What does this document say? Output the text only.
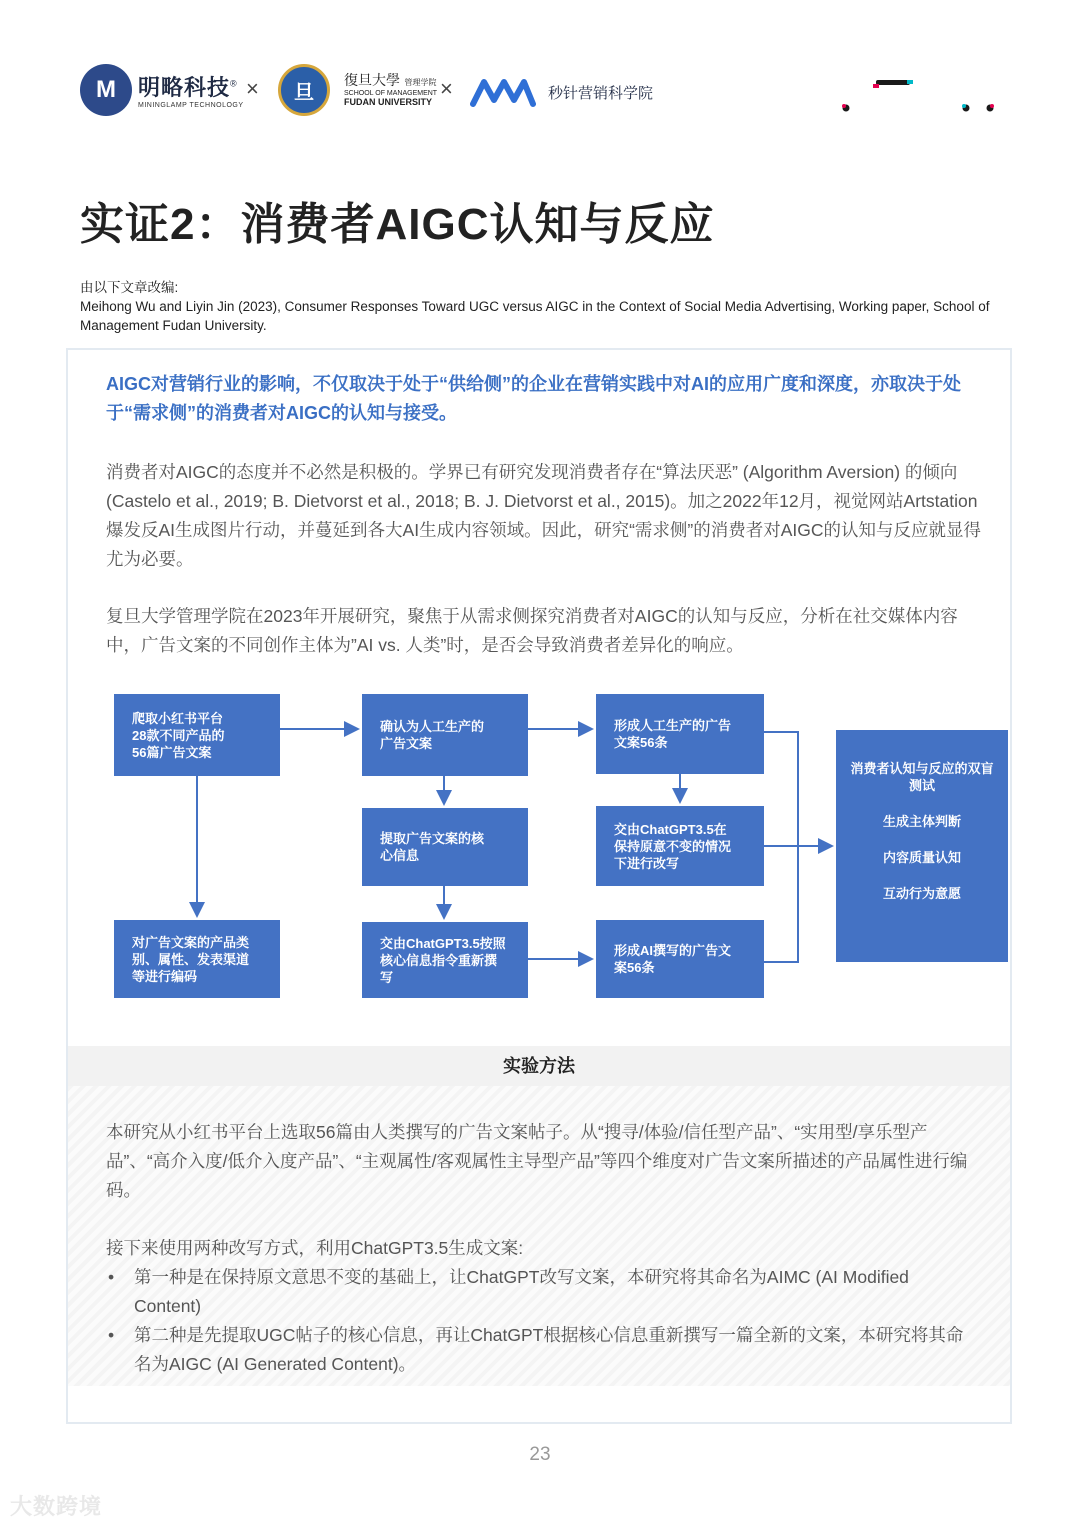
M	明略科技®
MININGLAMP TECHNOLOGY
×	旦
復旦大學 管理学院
SCHOOL OF MANAGEMENT
FUDAN UNIVERSITY
×	秒针营销科学院
实证2：消费者AIGC认知与反应
由以下文章改编:
Meihong Wu and Liyin Jin (2023), Consumer Responses Toward UGC versus AIGC in the Context of Social Media Advertising, Working paper, School of Management Fudan University.
AIGC对营销行业的影响，不仅取决于处于“供给侧”的企业在营销实践中对AI的应用广度和深度，亦取决于处于“需求侧”的消费者对AIGC的认知与接受。
消费者对AIGC的态度并不必然是积极的。学界已有研究发现消费者存在“算法厌恶” (Algorithm Aversion) 的倾向 (Castelo et al., 2019; B. Dietvorst et al., 2018; B. J. Dietvorst et al., 2015)。加之2022年12月，视觉网站Artstation爆发反AI生成图片行动，并蔓延到各大AI生成内容领域。因此，研究“需求侧”的消费者对AIGC的认知与反应就显得尤为必要。
复旦大学管理学院在2023年开展研究，聚焦于从需求侧探究消费者对AIGC的认知与反应，分析在社交媒体内容中，广告文案的不同创作主体为”AI vs. 人类”时，是否会导致消费者差异化的响应。
爬取小红书平台
28款不同产品的
56篇广告文案
对广告文案的产品类
别、属性、发表渠道
等进行编码
确认为人工生产的
广告文案
提取广告文案的核
心信息
交由ChatGPT3.5按照
核心信息指令重新撰
写
形成人工生产的广告
文案56条
交由ChatGPT3.5在
保持原意不变的情况
下进行改写
形成AI撰写的广告文
案56条
消费者认知与反应的双盲测试
生成主体判断
内容质量认知
互动行为意愿
实验方法
本研究从小红书平台上选取56篇由人类撰写的广告文案帖子。从“搜寻/体验/信任型产品”、“实用型/享乐型产品”、“高介入度/低介入度产品”、“主观属性/客观属性主导型产品”等四个维度对广告文案所描述的产品属性进行编码。
接下来使用两种改写方式，利用ChatGPT3.5生成文案:
• 第一种是在保持原文意思不变的基础上，让ChatGPT改写文案，本研究将其命名为AIMC (AI Modified Content)
• 第二种是先提取UGC帖子的核心信息，再让ChatGPT根据核心信息重新撰写一篇全新的文案，本研究将其命名为AIGC (AI Generated Content)。
23
大数跨境
